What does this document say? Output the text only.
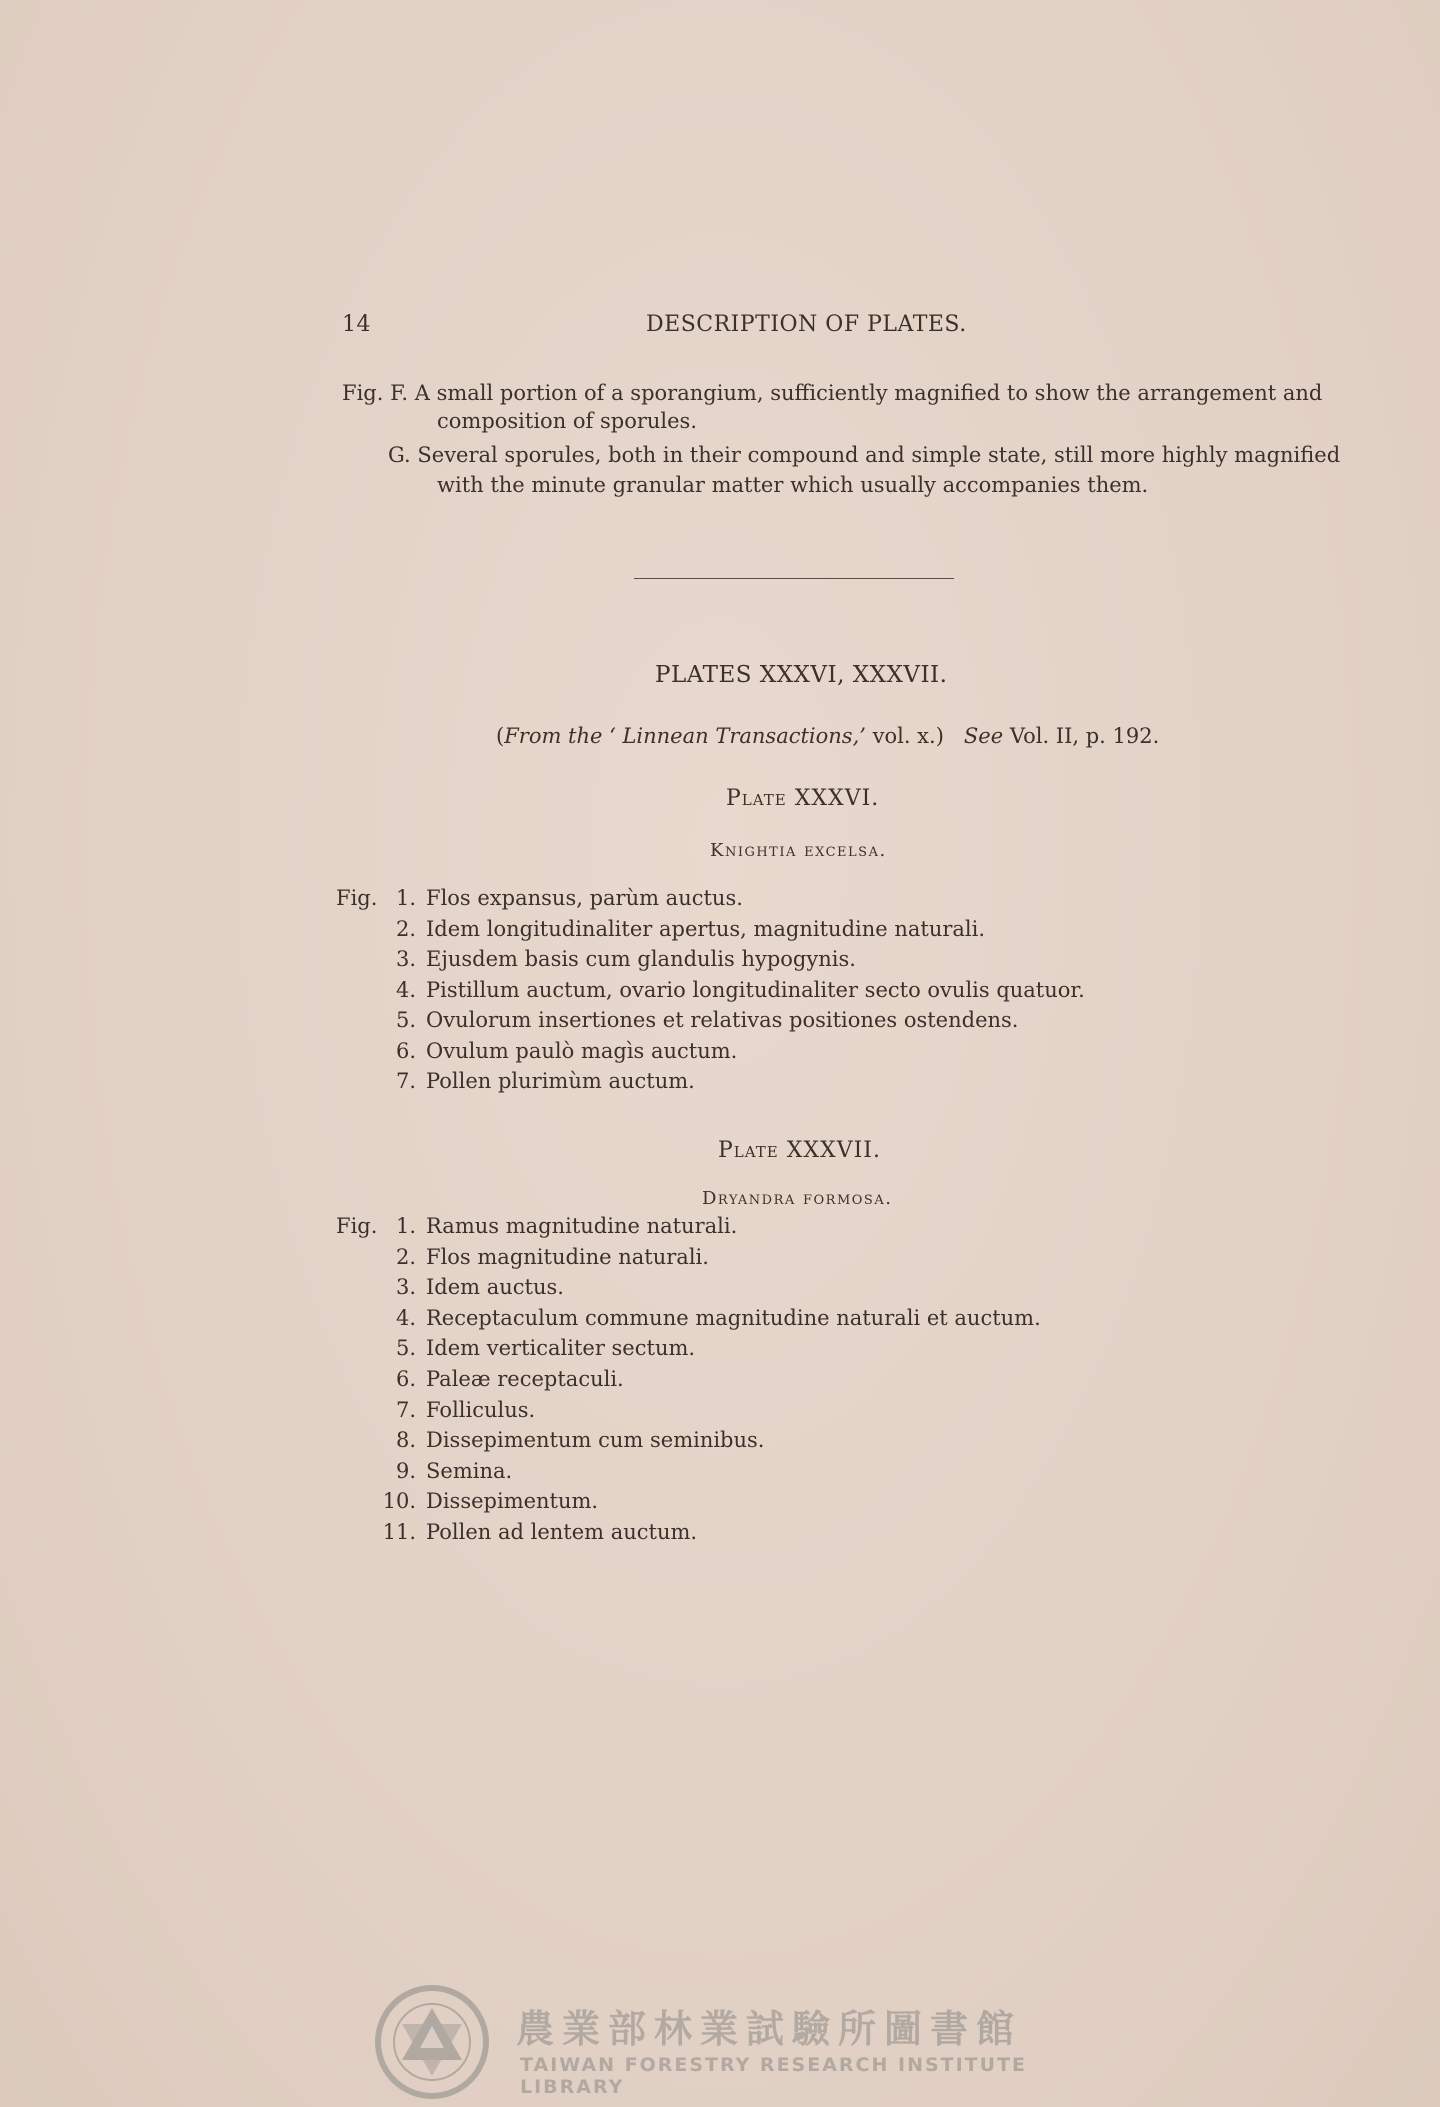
14	DESCRIPTION OF PLATES.
Fig. F. A small portion of a sporangium, sufficiently magnified to show the arrangement and
composition of sporules.
G. Several sporules, both in their compound and simple state, still more highly magnified
with the minute granular matter which usually accompanies them.
PLATES XXXVI, XXXVII.
(From the ‘ Linnean Transactions,’ vol. x.)   See Vol. II, p. 192.
Plate XXXVI.
Knightia excelsa.
Fig. 1. Flos expansus, parùm auctus.
2. Idem longitudinaliter apertus, magnitudine naturali.
3. Ejusdem basis cum glandulis hypogynis.
4. Pistillum auctum, ovario longitudinaliter secto ovulis quatuor.
5. Ovulorum insertiones et relativas positiones ostendens.
6. Ovulum paulò magìs auctum.
7. Pollen plurimùm auctum.
Plate XXXVII.
Dryandra formosa.
Fig. 1. Ramus magnitudine naturali.
2. Flos magnitudine naturali.
3. Idem auctus.
4. Receptaculum commune magnitudine naturali et auctum.
5. Idem verticaliter sectum.
6. Paleæ receptaculi.
7. Folliculus.
8. Dissepimentum cum seminibus.
9. Semina.
10. Dissepimentum.
11. Pollen ad lentem auctum.
農業部林業試驗所圖書館
TAIWAN FORESTRY RESEARCH INSTITUTE LIBRARY
